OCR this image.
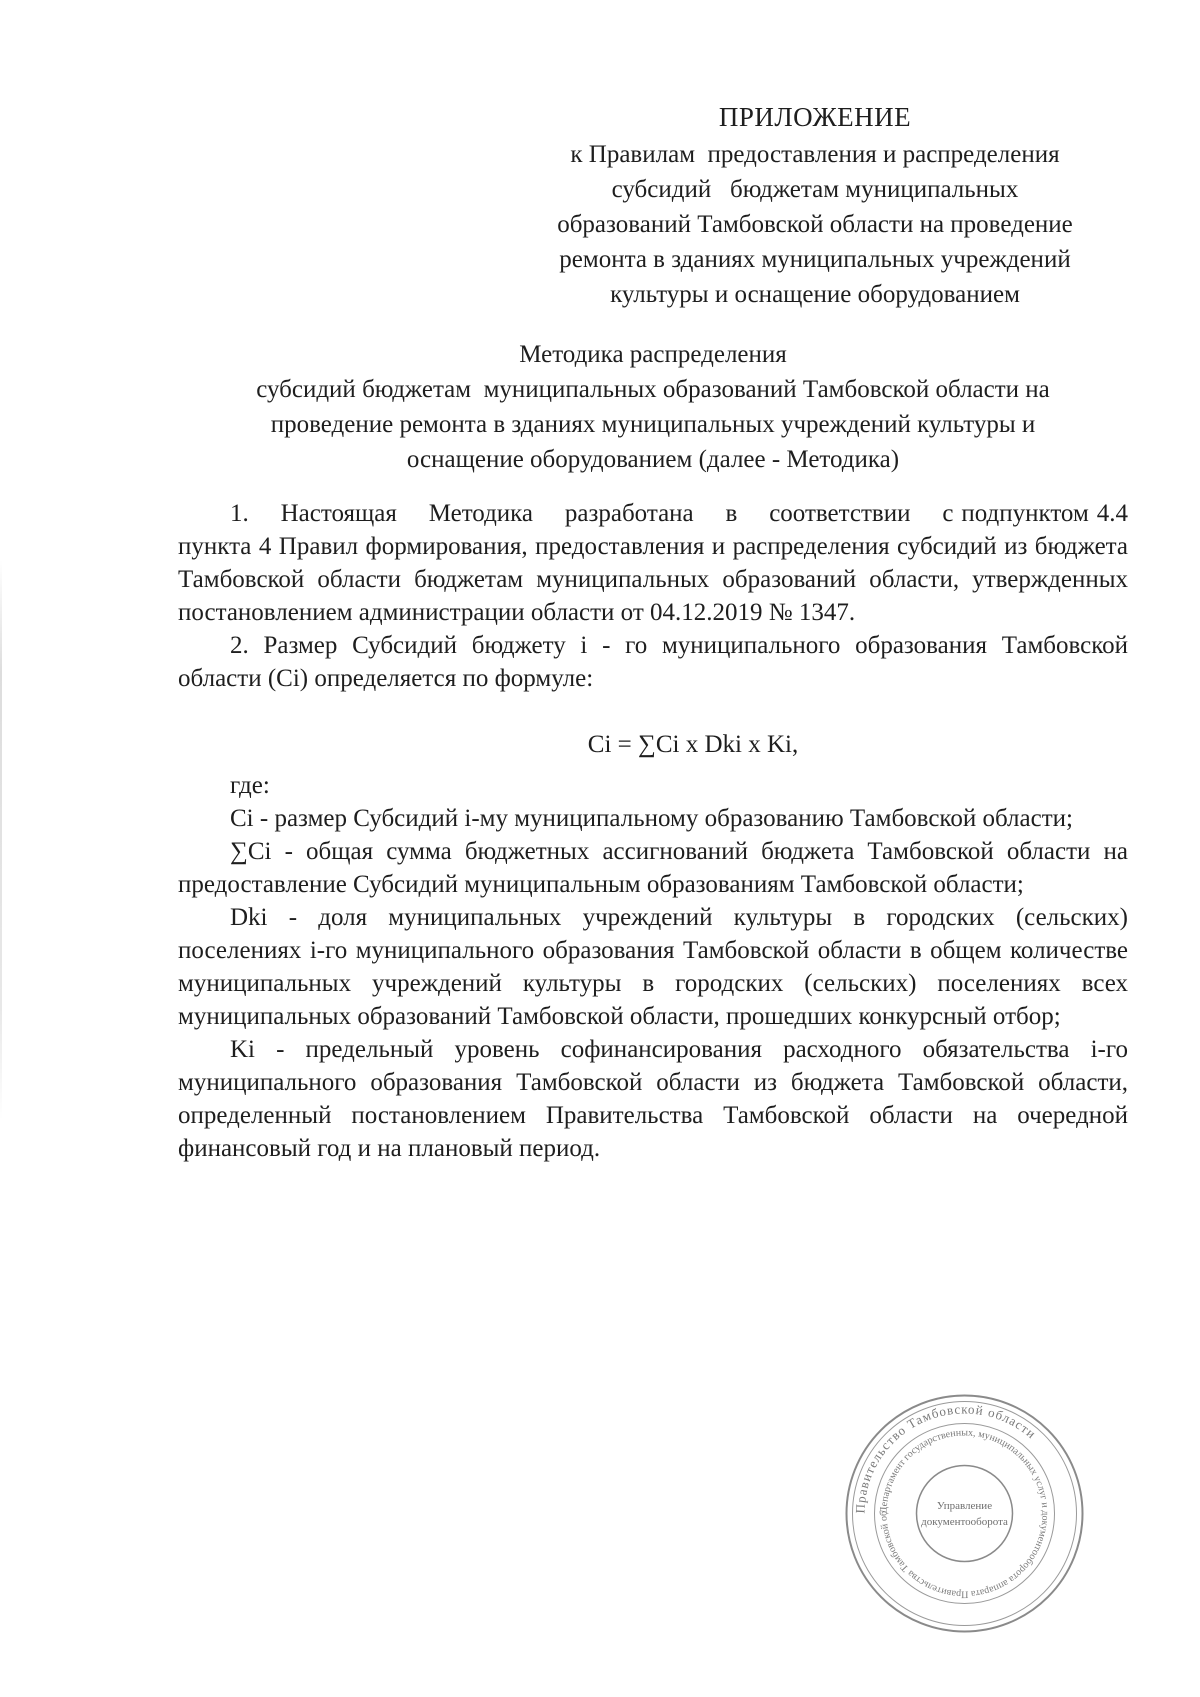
ПРИЛОЖЕНИЕ
к Правилам  предоставления и распределения
субсидий   бюджетам муниципальных
образований Тамбовской области на проведение
ремонта в зданиях муниципальных учреждений
культуры и оснащение оборудованием
Методика распределения
субсидий бюджетам  муниципальных образований Тамбовской области на
проведение ремонта в зданиях муниципальных учреждений культуры и
оснащение оборудованием (далее - Методика)

1.    Настоящая    Методика    разработана    в    соответствии    с подпунктом 4.4 пункта 4 Правил формирования, предоставления и распределения субсидий из бюджета Тамбовской области бюджетам муниципальных образований области, утвержденных постановлением администрации области от 04.12.2019 № 1347.

2. Размер Субсидий бюджету i - го муниципального образования Тамбовской области (Ci) определяется по формуле:

Ci = ∑Ci x Dki x Ki,

где:

Ci - размер Субсидий i-му муниципальному образованию Тамбовской области;

∑Ci - общая сумма бюджетных ассигнований бюджета Тамбовской области на предоставление Субсидий муниципальным образованиям Тамбовской области;

Dki - доля муниципальных учреждений культуры в городских (сельских) поселениях i-го муниципального образования Тамбовской области в общем количестве муниципальных учреждений культуры в городских (сельских) поселениях всех муниципальных образований Тамбовской области, прошедших конкурсный отбор;

Ki - предельный уровень софинансирования расходного обязательства i-го муниципального образования Тамбовской области из бюджета Тамбовской области, определенный постановлением Правительства Тамбовской области на очередной финансовый год и на плановый период.

Правительство Тамбовской области
Департамент государственных, муниципальных услуг и документооборота аппарата Правительства Тамбовской об
Управление
документооборота
